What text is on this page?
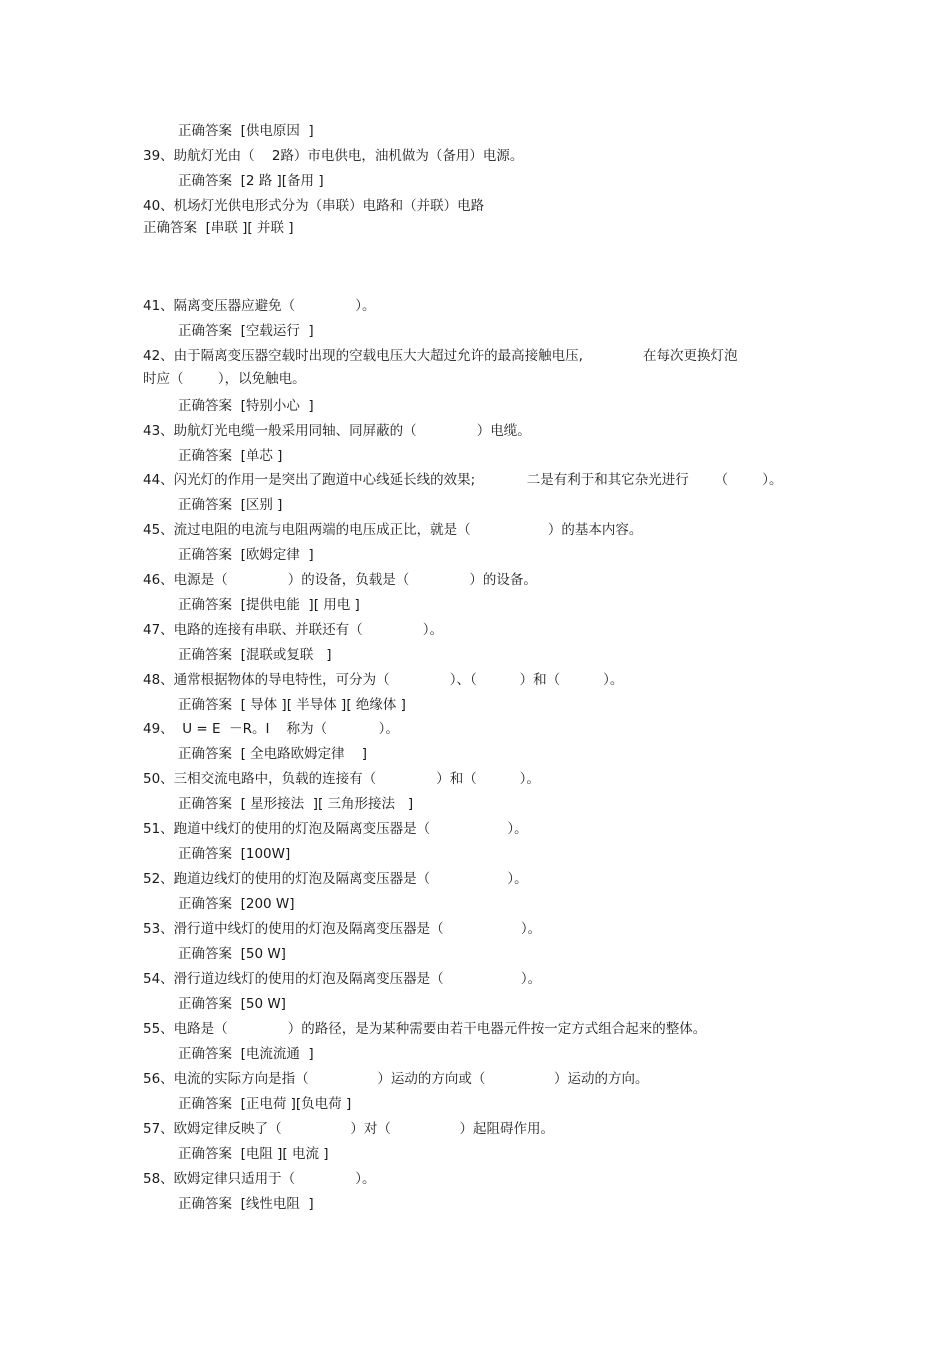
正确答案  [供电原因  ]
39、助航灯光由（    2路）市电供电，油机做为（备用）电源。
正确答案  [2 路 ][备用 ]
40、机场灯光供电形式分为（串联）电路和（并联）电路
正确答案  [串联 ][ 并联 ]
41、隔离变压器应避免（              ）。
正确答案  [空载运行  ]
42、由于隔离变压器空载时出现的空载电压大大超过允许的最高接触电压,              在每次更换灯泡
时应（        ），以免触电。
正确答案  [特别小心  ]
43、助航灯光电缆一般采用同轴、同屏蔽的（              ）电缆。
正确答案  [单芯 ]
44、闪光灯的作用一是突出了跑道中心线延长线的效果;            二是有利于和其它杂光进行      （        ）。
正确答案  [区别 ]
45、流过电阻的电流与电阻两端的电压成正比，就是（                  ）的基本内容。
正确答案  [欧姆定律  ]
46、电源是（              ）的设备，负载是（              ）的设备。
正确答案  [提供电能  ][ 用电 ]
47、电路的连接有串联、并联还有（              ）。
正确答案  [混联或复联   ]
48、通常根据物体的导电特性，可分为（              ）、（          ）和（          ）。
正确答案  [ 导体 ][ 半导体 ][ 绝缘体 ]
49、  U = E  －R。I    称为（            ）。
正确答案  [ 全电路欧姆定律    ]
50、三相交流电路中，负载的连接有（              ）和（          ）。
正确答案  [ 星形接法  ][ 三角形接法   ]
51、跑道中线灯的使用的灯泡及隔离变压器是（                  ）。
正确答案  [100W]
52、跑道边线灯的使用的灯泡及隔离变压器是（                  ）。
正确答案  [200 W]
53、滑行道中线灯的使用的灯泡及隔离变压器是（                  ）。
正确答案  [50 W]
54、滑行道边线灯的使用的灯泡及隔离变压器是（                  ）。
正确答案  [50 W]
55、电路是（              ）的路径，是为某种需要由若干电器元件按一定方式组合起来的整体。
正确答案  [电流流通  ]
56、电流的实际方向是指（                ）运动的方向或（                ）运动的方向。
正确答案  [正电荷 ][负电荷 ]
57、欧姆定律反映了（                ）对（                ）起阻碍作用。
正确答案  [电阻 ][ 电流 ]
58、欧姆定律只适用于（              ）。
正确答案  [线性电阻  ]
